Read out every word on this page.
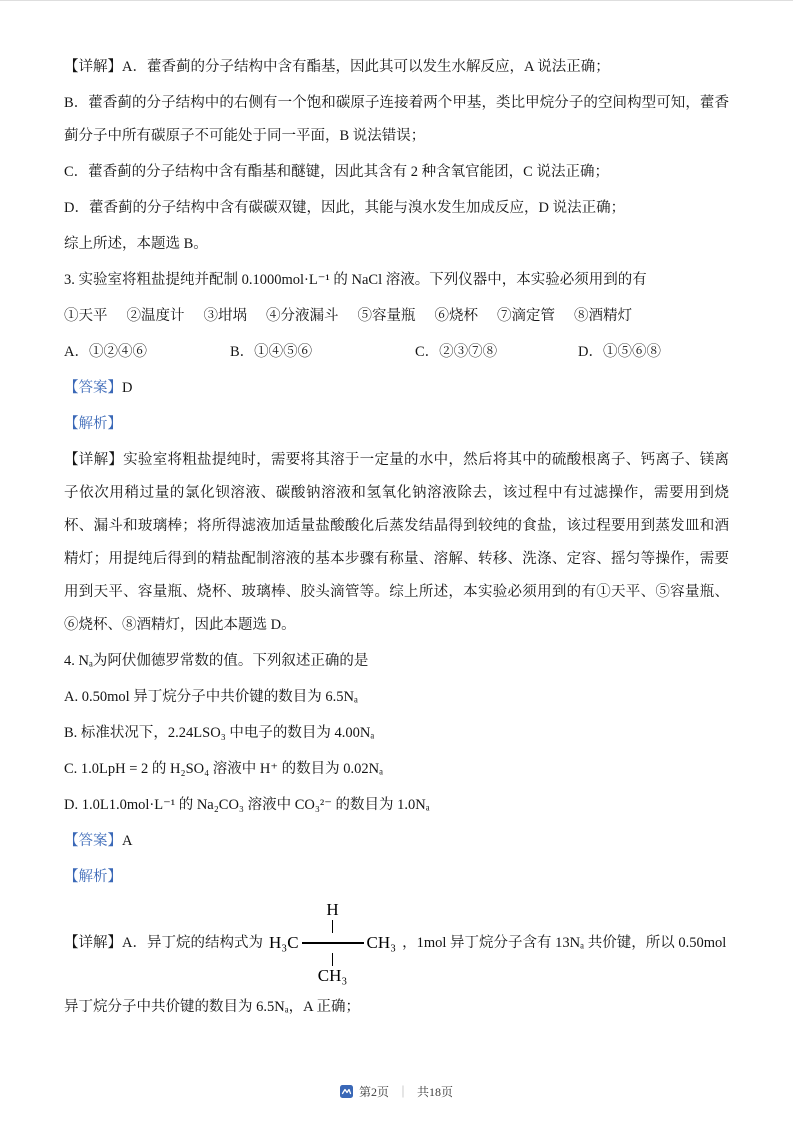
【详解】A．藿香蓟的分子结构中含有酯基，因此其可以发生水解反应，A 说法正确；

B．藿香蓟的分子结构中的右侧有一个饱和碳原子连接着两个甲基，类比甲烷分子的空间构型可知，藿香蓟分子中所有碳原子不可能处于同一平面，B 说法错误；

C．藿香蓟的分子结构中含有酯基和醚键，因此其含有 2 种含氧官能团，C 说法正确；

D．藿香蓟的分子结构中含有碳碳双键，因此，其能与溴水发生加成反应，D 说法正确；

综上所述，本题选 B。

3. 实验室将粗盐提纯并配制 0.1000mol·L⁻¹ 的 NaCl 溶液。下列仪器中，本实验必须用到的有

①天平 ②温度计 ③坩埚 ④分液漏斗 ⑤容量瓶 ⑥烧杯 ⑦滴定管 ⑧酒精灯
A．①②④⑥	B．①④⑤⑥	C．②③⑦⑧	D．①⑤⑥⑧

【答案】D

【解析】

【详解】实验室将粗盐提纯时，需要将其溶于一定量的水中，然后将其中的硫酸根离子、钙离子、镁离子依次用稍过量的氯化钡溶液、碳酸钠溶液和氢氧化钠溶液除去，该过程中有过滤操作，需要用到烧杯、漏斗和玻璃棒；将所得滤液加适量盐酸酸化后蒸发结晶得到较纯的食盐，该过程要用到蒸发皿和酒精灯；用提纯后得到的精盐配制溶液的基本步骤有称量、溶解、转移、洗涤、定容、摇匀等操作，需要用到天平、容量瓶、烧杯、玻璃棒、胶头滴管等。综上所述，本实验必须用到的有①天平、⑤容量瓶、⑥烧杯、⑧酒精灯，因此本题选 D。

4. Nₐ为阿伏伽德罗常数的值。下列叙述正确的是

A. 0.50mol 异丁烷分子中共价键的数目为 6.5Nₐ

B. 标准状况下，2.24LSO₃ 中电子的数目为 4.00Nₐ

C. 1.0LpH = 2 的 H₂SO₄ 溶液中 H⁺ 的数目为 0.02Nₐ

D. 1.0L1.0mol·L⁻¹ 的 Na₂CO₃ 溶液中 CO₃²⁻ 的数目为 1.0Nₐ

【答案】A

【解析】

【详解】A．异丁烷的结构式为
H
H₃C	CH₃
CH₃
，1mol 异丁烷分子含有 13Nₐ 共价键，所以 0.50mol

异丁烷分子中共价键的数目为 6.5Nₐ，A 正确；

第2页 ｜ 共18页
